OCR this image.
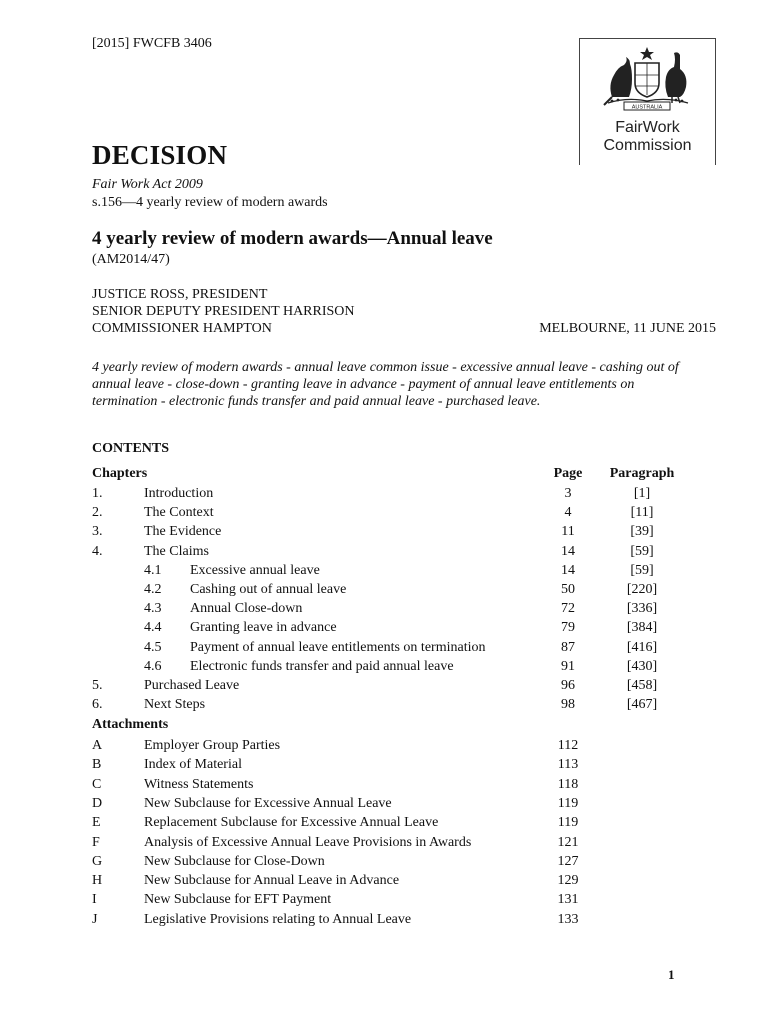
[2015] FWCFB 3406
AUSTRALIA
FairWork
Commission
DECISION
Fair Work Act 2009
s.156—4 yearly review of modern awards
4 yearly review of modern awards—Annual leave
(AM2014/47)
JUSTICE ROSS, PRESIDENT
SENIOR DEPUTY PRESIDENT HARRISON
COMMISSIONER HAMPTON	MELBOURNE, 11 JUNE 2015
4 yearly review of modern awards - annual leave common issue - excessive annual leave - cashing out of annual leave - close-down - granting leave in advance - payment of annual leave entitlements on termination - electronic funds transfer and paid annual leave - purchased leave.
CONTENTS
Chapters	Page	Paragraph
1.	Introduction	3	[1]
2.	The Context	4	[11]
3.	The Evidence	11	[39]
4.	The Claims	14	[59]
4.1 Excessive annual leave	14	[59]
4.2 Cashing out of annual leave	50	[220]
4.3 Annual Close-down	72	[336]
4.4 Granting leave in advance	79	[384]
4.5 Payment of annual leave entitlements on termination	87	[416]
4.6 Electronic funds transfer and paid annual leave	91	[430]
5.	Purchased Leave	96	[458]
6.	Next Steps	98	[467]
Attachments
A	Employer Group Parties	112
B	Index of Material	113
C	Witness Statements	118
D	New Subclause for Excessive Annual Leave	119
E	Replacement Subclause for Excessive Annual Leave	119
F	Analysis of Excessive Annual Leave Provisions in Awards	121
G	New Subclause for Close-Down	127
H	New Subclause for Annual Leave in Advance	129
I	New Subclause for EFT Payment	131
J	Legislative Provisions relating to Annual Leave	133
1
